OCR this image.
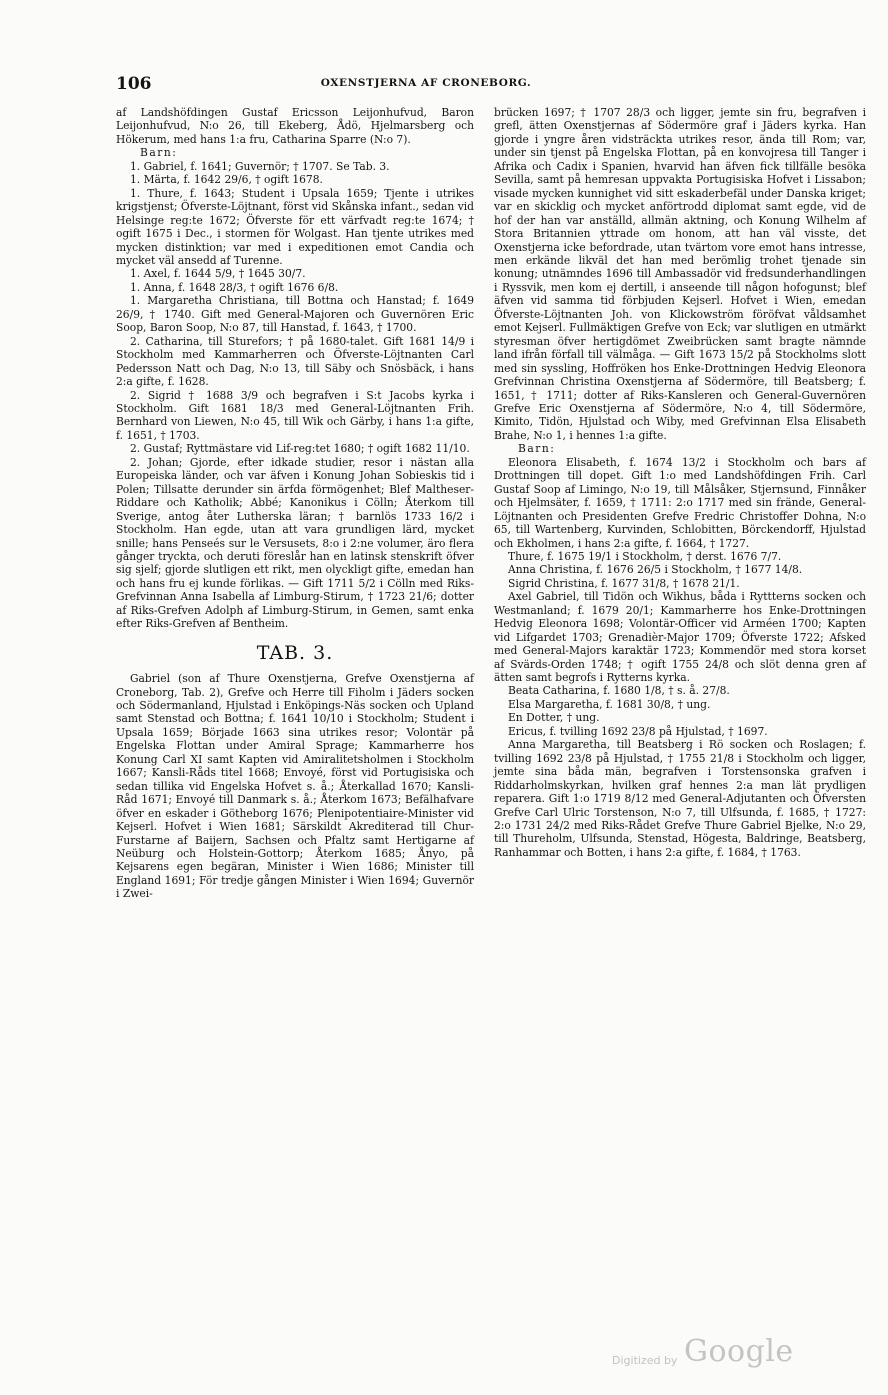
106	OXENSTJERNA AF CRONEBORG.

af Landshöfdingen Gustaf Ericsson Leijonhufvud, Baron Leijonhufvud, N:o 26, till Ekeberg, Ådö, Hjelmarsberg och Hökerum, med hans 1:a fru, Catharina Sparre (N:o 7).

Barn:

1. Gabriel, f. 1641; Guvernör; † 1707. Se Tab. 3.

1. Märta, f. 1642 29/6, † ogift 1678.

1. Thure, f. 1643; Student i Upsala 1659; Tjente i utrikes krigstjenst; Öfverste-Löjtnant, först vid Skånska infant., sedan vid Helsinge reg:te 1672; Öfverste för ett värfvadt reg:te 1674; † ogift 1675 i Dec., i stormen för Wolgast. Han tjente utrikes med mycken distinktion; var med i expeditionen emot Candia och mycket väl ansedd af Turenne.

1. Axel, f. 1644 5/9, † 1645 30/7.

1. Anna, f. 1648 28/3, † ogift 1676 6/8.

1. Margaretha Christiana, till Bottna och Hanstad; f. 1649 26/9, † 1740. Gift med General-Majoren och Guvernören Eric Soop, Baron Soop, N:o 87, till Hanstad, f. 1643, † 1700.

2. Catharina, till Sturefors; † på 1680-talet. Gift 1681 14/9 i Stockholm med Kammarherren och Öfverste-Löjtnanten Carl Pedersson Natt och Dag, N:o 13, till Säby och Snösbäck, i hans 2:a gifte, f. 1628.

2. Sigrid † 1688 3/9 och begrafven i S:t Jacobs kyrka i Stockholm. Gift 1681 18/3 med General-Löjtnanten Frih. Bernhard von Liewen, N:o 45, till Wik och Gärby, i hans 1:a gifte, f. 1651, † 1703.

2. Gustaf; Ryttmästare vid Lif-reg:tet 1680; † ogift 1682 11/10.

2. Johan; Gjorde, efter idkade studier, resor i nästan alla Europeiska länder, och var äfven i Konung Johan Sobieskis tid i Polen; Tillsatte derunder sin ärfda förmögenhet; Blef Maltheser-Riddare och Katholik; Abbé; Kanonikus i Cölln; Återkom till Sverige, antog åter Lutherska läran; † barnlös 1733 16/2 i Stockholm. Han egde, utan att vara grundligen lärd, mycket snille; hans Penseés sur le Versusets, 8:o i 2:ne volumer, äro flera gånger tryckta, och deruti föreslår han en latinsk stenskrift öfver sig sjelf; gjorde slutligen ett rikt, men olyckligt gifte, emedan han och hans fru ej kunde förlikas. — Gift 1711 5/2 i Cölln med Riks-Grefvinnan Anna Isabella af Limburg-Stirum, † 1723 21/6; dotter af Riks-Grefven Adolph af Limburg-Stirum, in Gemen, samt enka efter Riks-Grefven af Bentheim.

TAB. 3.

Gabriel (son af Thure Oxenstjerna, Grefve Oxenstjerna af Croneborg, Tab. 2), Grefve och Herre till Fiholm i Jäders socken och Södermanland, Hjulstad i Enköpings-Näs socken och Upland samt Stenstad och Bottna; f. 1641 10/10 i Stockholm; Student i Upsala 1659; Började 1663 sina utrikes resor; Volontär på Engelska Flottan under Amiral Sprage; Kammarherre hos Konung Carl XI samt Kapten vid Amiralitetsholmen i Stockholm 1667; Kansli-Råds titel 1668; Envoyé, först vid Portugisiska och sedan tillika vid Engelska Hofvet s. å.; Återkallad 1670; Kansli-Råd 1671; Envoyé till Danmark s. å.; Återkom 1673; Befälhafvare öfver en eskader i Götheborg 1676; Plenipotentiaire-Minister vid Kejserl. Hofvet i Wien 1681; Särskildt Akrediterad till Chur-Furstarne af Baijern, Sachsen och Pfaltz samt Hertigarne af Neüburg och Holstein-Gottorp; Återkom 1685; Ånyo, på Kejsarens egen begäran, Minister i Wien 1686; Minister till England 1691; För tredje gången Minister i Wien 1694; Guvernör i Zwei-

brücken 1697; † 1707 28/3 och ligger, jemte sin fru, begrafven i grefl, ätten Oxenstjernas af Södermöre graf i Jäders kyrka. Han gjorde i yngre åren vidsträckta utrikes resor, ända till Rom; var, under sin tjenst på Engelska Flottan, på en konvojresa till Tanger i Afrika och Cadix i Spanien, hvarvid han äfven fick tillfälle besöka Sevilla, samt på hemresan uppvakta Portugisiska Hofvet i Lissabon; visade mycken kunnighet vid sitt eskaderbefäl under Danska kriget; var en skicklig och mycket anförtrodd diplomat samt egde, vid de hof der han var anställd, allmän aktning, och Konung Wilhelm af Stora Britannien yttrade om honom, att han väl visste, det Oxenstjerna icke befordrade, utan tvärtom vore emot hans intresse, men erkände likväl det han med berömlig trohet tjenade sin konung; utnämndes 1696 till Ambassadör vid fredsunderhandlingen i Ryssvik, men kom ej dertill, i anseende till någon hofogunst; blef äfven vid samma tid förbjuden Kejserl. Hofvet i Wien, emedan Öfverste-Löjtnanten Joh. von Klickowström föröfvat våldsamhet emot Kejserl. Fullmäktigen Grefve von Eck; var slutligen en utmärkt styresman öfver hertigdömet Zweibrücken samt bragte nämnde land ifrån förfall till välmåga. — Gift 1673 15/2 på Stockholms slott med sin syssling, Hoffröken hos Enke-Drottningen Hedvig Eleonora Grefvinnan Christina Oxenstjerna af Södermöre, till Beatsberg; f. 1651, † 1711; dotter af Riks-Kansleren och General-Guvernören Grefve Eric Oxenstjerna af Södermöre, N:o 4, till Södermöre, Kimito, Tidön, Hjulstad och Wiby, med Grefvinnan Elsa Elisabeth Brahe, N:o 1, i hennes 1:a gifte.

Barn:

Eleonora Elisabeth, f. 1674 13/2 i Stockholm och bars af Drottningen till dopet. Gift 1:o med Landshöfdingen Frih. Carl Gustaf Soop af Limingo, N:o 19, till Målsåker, Stjernsund, Finnåker och Hjelmsäter, f. 1659, † 1711: 2:o 1717 med sin frände, General-Löjtnanten och Presidenten Grefve Fredric Christoffer Dohna, N:o 65, till Wartenberg, Kurvinden, Schlobitten, Börckendorff, Hjulstad och Ekholmen, i hans 2:a gifte, f. 1664, † 1727.

Thure, f. 1675 19/1 i Stockholm, † derst. 1676 7/7.

Anna Christina, f. 1676 26/5 i Stockholm, † 1677 14/8.

Sigrid Christina, f. 1677 31/8, † 1678 21/1.

Axel Gabriel, till Tidön och Wikhus, båda i Ryttterns socken och Westmanland; f. 1679 20/1; Kammarherre hos Enke-Drottningen Hedvig Eleonora 1698; Volontär-Officer vid Arméen 1700; Kapten vid Lifgardet 1703; Grenadièr-Major 1709; Öfverste 1722; Afsked med General-Majors karaktär 1723; Kommendör med stora korset af Svärds-Orden 1748; † ogift 1755 24/8 och slöt denna gren af ätten samt begrofs i Rytterns kyrka.

Beata Catharina, f. 1680 1/8, † s. å. 27/8.

Elsa Margaretha, f. 1681 30/8, † ung.

En Dotter, † ung.

Ericus, f. tvilling 1692 23/8 på Hjulstad, † 1697.

Anna Margaretha, till Beatsberg i Rö socken och Roslagen; f. tvilling 1692 23/8 på Hjulstad, † 1755 21/8 i Stockholm och ligger, jemte sina båda män, begrafven i Torstensonska grafven i Riddarholmskyrkan, hvilken graf hennes 2:a man lät prydligen reparera. Gift 1:o 1719 8/12 med General-Adjutanten och Öfversten Grefve Carl Ulric Torstenson, N:o 7, till Ulfsunda, f. 1685, † 1727: 2:o 1731 24/2 med Riks-Rådet Grefve Thure Gabriel Bjelke, N:o 29, till Thureholm, Ulfsunda, Stenstad, Högesta, Baldringe, Beatsberg, Ranhammar och Botten, i hans 2:a gifte, f. 1684, † 1763.

Digitized by Google
